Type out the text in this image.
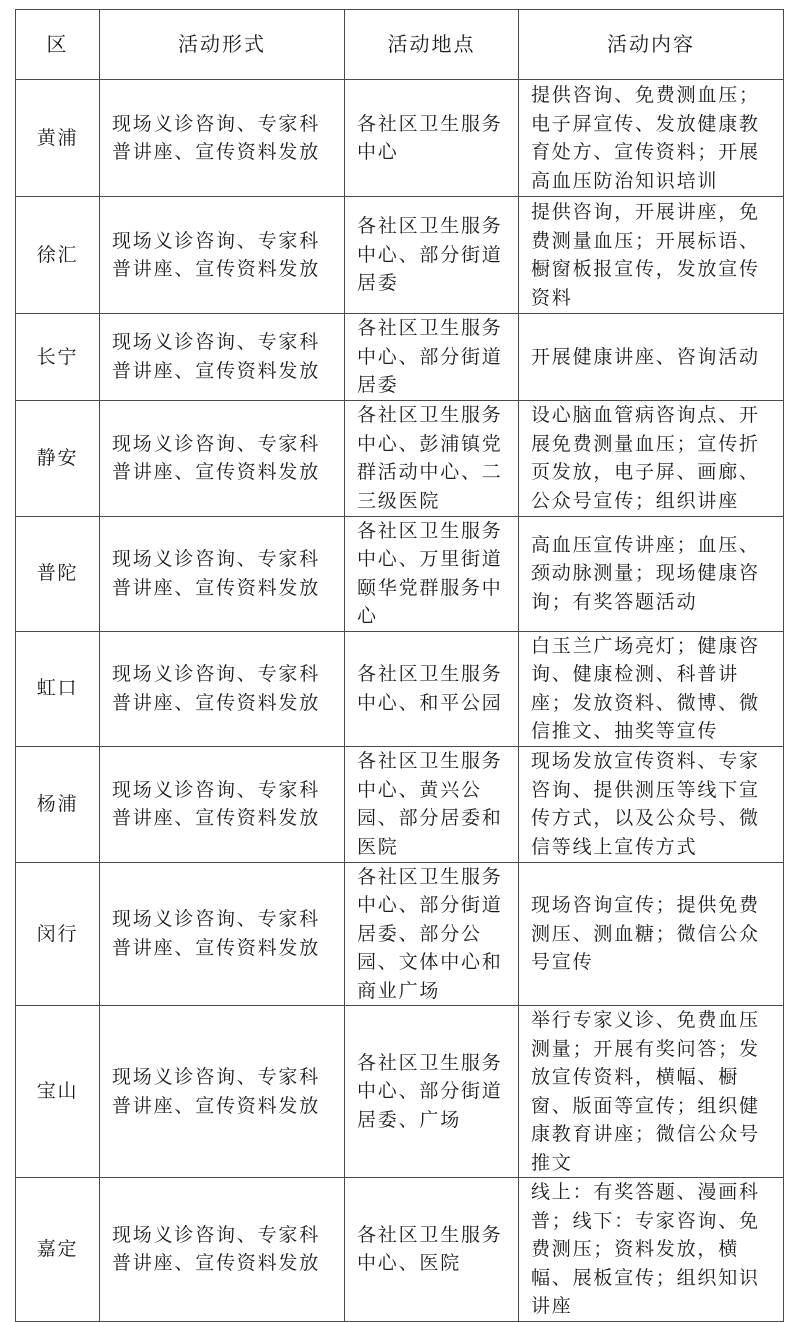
区	活动形式	活动地点	活动内容
黄浦	现场义诊咨询、专家科普讲座、宣传资料发放	各社区卫生服务中心	提供咨询、免费测血压；电子屏宣传、发放健康教育处方、宣传资料；开展高血压防治知识培训
徐汇	现场义诊咨询、专家科普讲座、宣传资料发放	各社区卫生服务中心、部分街道居委	提供咨询，开展讲座，免费测量血压；开展标语、橱窗板报宣传，发放宣传资料
长宁	现场义诊咨询、专家科普讲座、宣传资料发放	各社区卫生服务中心、部分街道居委	开展健康讲座、咨询活动
静安	现场义诊咨询、专家科普讲座、宣传资料发放	各社区卫生服务中心、彭浦镇党群活动中心、二三级医院	设心脑血管病咨询点、开展免费测量血压；宣传折页发放，电子屏、画廊、公众号宣传；组织讲座
普陀	现场义诊咨询、专家科普讲座、宣传资料发放	各社区卫生服务中心、万里街道颐华党群服务中心	高血压宣传讲座；血压、颈动脉测量；现场健康咨询；有奖答题活动
虹口	现场义诊咨询、专家科普讲座、宣传资料发放	各社区卫生服务中心、和平公园	白玉兰广场亮灯；健康咨询、健康检测、科普讲座；发放资料、微博、微信推文、抽奖等宣传
杨浦	现场义诊咨询、专家科普讲座、宣传资料发放	各社区卫生服务中心、黄兴公园、部分居委和医院	现场发放宣传资料、专家咨询、提供测压等线下宣传方式，以及公众号、微信等线上宣传方式
闵行	现场义诊咨询、专家科普讲座、宣传资料发放	各社区卫生服务中心、部分街道居委、部分公园、文体中心和商业广场	现场咨询宣传；提供免费测压、测血糖；微信公众号宣传
宝山	现场义诊咨询、专家科普讲座、宣传资料发放	各社区卫生服务中心、部分街道居委、广场	举行专家义诊、免费血压测量；开展有奖问答；发放宣传资料，横幅、橱窗、版面等宣传；组织健康教育讲座；微信公众号推文
嘉定	现场义诊咨询、专家科普讲座、宣传资料发放	各社区卫生服务中心、医院	线上：有奖答题、漫画科普；线下：专家咨询、免费测压；资料发放，横幅、展板宣传；组织知识讲座
